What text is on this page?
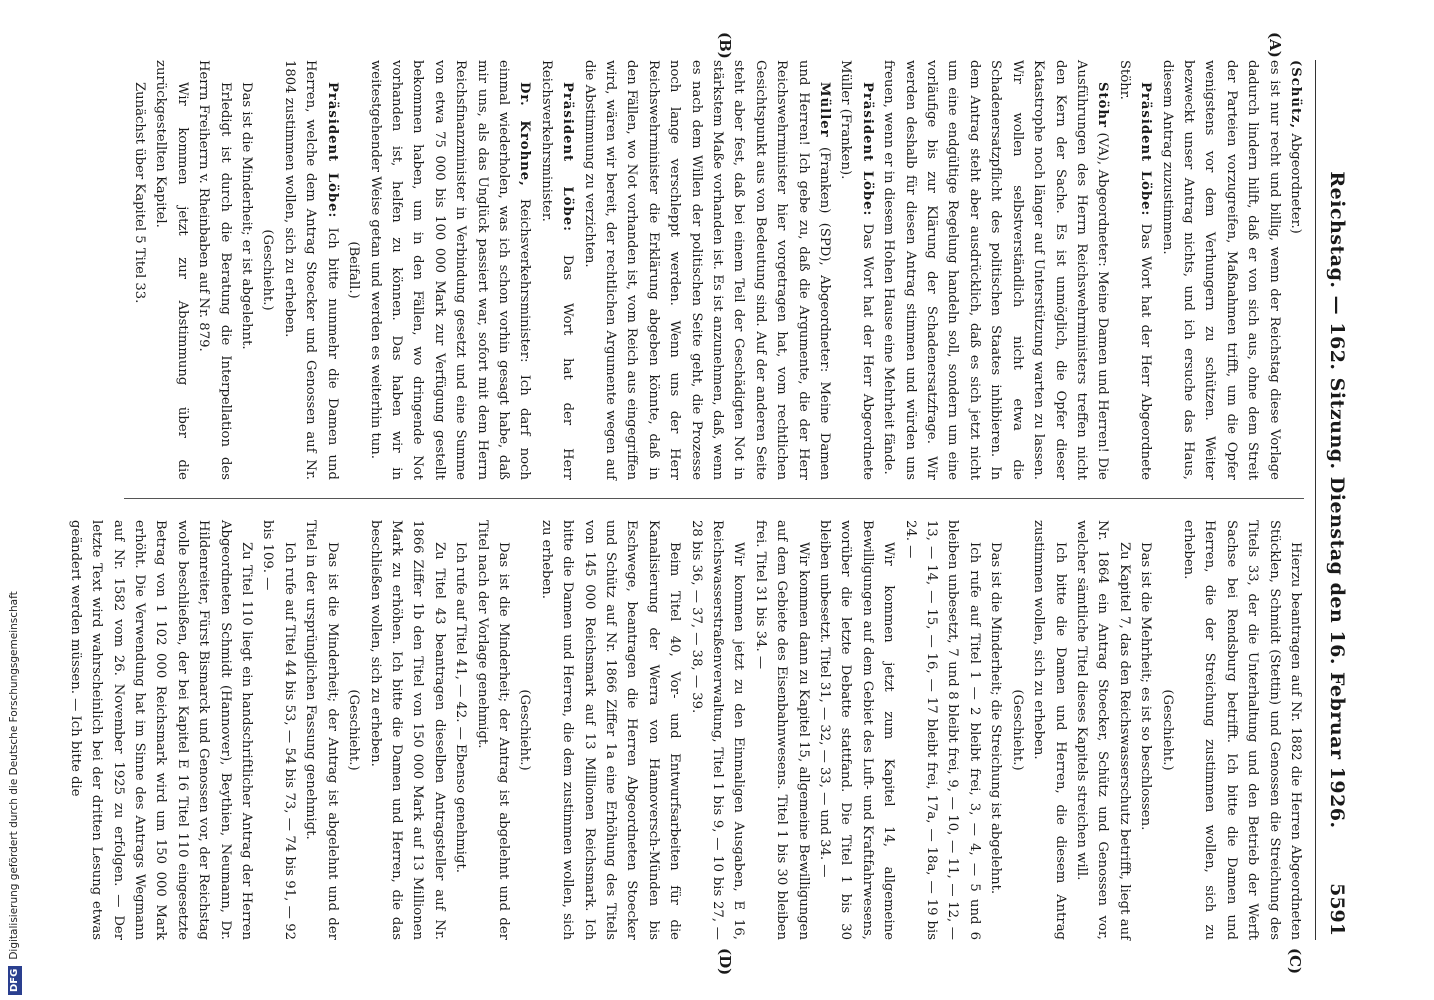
Reichstag. — 162. Sitzung. Dienstag den 16. Februar 1926.
5591
(A)
(B)
(C)
(D)

(Schütz, Abgeordneter.)

es ist nur recht und billig, wenn der Reichstag diese Vorlage dadurch lindern hilft, daß er von sich aus, ohne dem Streit der Parteien vorzugreifen, Maßnahmen trifft, um die Opfer wenigstens vor dem Verhungern zu schützen. Weiter bezweckt unser Antrag nichts, und ich ersuche das Haus, diesem Antrag zuzustimmen.

Präsident Löbe: Das Wort hat der Herr Abgeordnete Stöhr.

Stöhr (VA), Abgeordneter: Meine Damen und Herren! Die Ausführungen des Herrn Reichswehrministers treffen nicht den Kern der Sache. Es ist unmöglich, die Opfer dieser Katastrophe noch länger auf Unterstützung warten zu lassen. Wir wollen selbstverständlich nicht etwa die Schadenersatzpflicht des politischen Staates inhibieren. In dem Antrag steht aber ausdrücklich, daß es sich jetzt nicht um eine endgültige Regelung handeln soll, sondern um eine vorläufige bis zur Klärung der Schadenersatzfrage. Wir werden deshalb für diesen Antrag stimmen und würden uns freuen, wenn er in diesem Hohen Hause eine Mehrheit fände.

Präsident Löbe: Das Wort hat der Herr Abgeordnete Müller (Franken).

Müller (Franken) (SPD), Abgeordneter: Meine Damen und Herren! Ich gebe zu, daß die Argumente, die der Herr Reichswehrminister hier vorgetragen hat, vom rechtlichen Gesichtspunkt aus von Bedeutung sind. Auf der anderen Seite steht aber fest, daß bei einem Teil der Geschädigten Not in stärkstem Maße vorhanden ist. Es ist anzunehmen, daß, wenn es nach dem Willen der politischen Seite geht, die Prozesse noch lange verschleppt werden. Wenn uns der Herr Reichswehrminister die Erklärung abgeben könnte, daß in den Fällen, wo Not vorhanden ist, vom Reich aus eingegriffen wird, wären wir bereit, der rechtlichen Argumente wegen auf die Abstimmung zu verzichten.

Präsident Löbe: Das Wort hat der Herr Reichsverkehrsminister.

Dr. Krohne, Reichsverkehrsminister: Ich darf noch einmal wiederholen, was ich schon vorhin gesagt habe, daß mir uns, als das Unglück passiert war, sofort mit dem Herrn Reichsfinanzminister in Verbindung gesetzt und eine Summe von etwa 75 000 bis 100 000 Mark zur Verfügung gestellt bekommen haben, um in den Fällen, wo dringende Not vorhanden ist, helfen zu können. Das haben wir in weitestgehender Weise getan und werden es weiterhin tun.

(Beifall.)

Präsident Löbe: Ich bitte nunmehr die Damen und Herren, welche dem Antrag Stoecker und Genossen auf Nr. 1804 zustimmen wollen, sich zu erheben.

(Geschieht.)

Das ist die Minderheit; er ist abgelehnt.

Erledigt ist durch die Beratung die Interpellation des Herrn Freiherrn v. Rheinbaben auf Nr. 879.

Wir kommen jetzt zur Abstimmung über die zurückgestellten Kapitel.

Zunächst über Kapitel 5 Titel 33.

Hierzu beantragen auf Nr. 1882 die Herren Abgeordneten Stücklen, Schmidt (Stettin) und Genossen die Streichung des Titels 33, der die Unterhaltung und den Betrieb der Werft Sachse bei Rendsburg betrifft. Ich bitte die Damen und Herren, die der Streichung zustimmen wollen, sich zu erheben.

(Geschieht.)

Das ist die Mehrheit; es ist so beschlossen.

Zu Kapitel 7, das den Reichswasserschutz betrifft, liegt auf Nr. 1864 ein Antrag Stoecker, Schütz und Genossen vor, welcher sämtliche Titel dieses Kapitels streichen will.

Ich bitte die Damen und Herren, die diesem Antrag zustimmen wollen, sich zu erheben.

(Geschieht.)

Das ist die Minderheit; die Streichung ist abgelehnt.

Ich rufe auf Titel 1 — 2 bleibt frei, 3, — 4, — 5 und 6 bleiben unbesetzt, 7 und 8 bleibt frei, 9, — 10, — 11, — 12, — 13, — 14, — 15, — 16, — 17 bleibt frei, 17a, — 18a, — 19 bis 24. —

Wir kommen jetzt zum Kapitel 14, allgemeine Bewilligungen auf dem Gebiet des Luft- und Kraftfahrwesens, worüber die letzte Debatte stattfand. Die Titel 1 bis 30 bleiben unbesetzt. Titel 31, — 32, — 33, — und 34. —

Wir kommen dann zu Kapitel 15, allgemeine Bewilligungen auf dem Gebiete des Eisenbahnwesens. Titel 1 bis 30 bleiben frei. Titel 31 bis 34. —

Wir kommen jetzt zu den Einmaligen Ausgaben, E 16, Reichswasserstraßenverwaltung, Titel 1 bis 9, — 10 bis 27, — 28 bis 36, — 37, — 38, — 39.

Beim Titel 40, Vor- und Entwurfsarbeiten für die Kanalisierung der Werra von Hannoversch-Münden bis Eschwege, beantragen die Herren Abgeordneten Stoecker und Schütz auf Nr. 1866 Ziffer 1a eine Erhöhung des Titels von 145 000 Reichsmark auf 13 Millionen Reichsmark. Ich bitte die Damen und Herren, die dem zustimmen wollen, sich zu erheben.

(Geschieht.)

Das ist die Minderheit; der Antrag ist abgelehnt und der Titel nach der Vorlage genehmigt.

Ich rufe auf Titel 41, — 42. — Ebenso genehmigt.

Zu Titel 43 beantragen dieselben Antragsteller auf Nr. 1866 Ziffer 1b den Titel von 150 000 Mark auf 13 Millionen Mark zu erhöhen. Ich bitte die Damen und Herren, die das beschließen wollen, sich zu erheben.

(Geschieht.)

Das ist die Minderheit; der Antrag ist abgelehnt und der Titel in der ursprünglichen Fassung genehmigt.

Ich rufe auf Titel 44 bis 53, — 54 bis 73, — 74 bis 91, — 92 bis 109. —

Zu Titel 110 liegt ein handschriftlicher Antrag der Herren Abgeordneten Schmidt (Hannover), Beythien, Neumann, Dr. Hildenreiter, Fürst Bismarck und Genossen vor, der Reichstag wolle beschließen, der bei Kapitel E 16 Titel 110 eingesetzte Betrag von 1 102 000 Reichsmark wird um 150 000 Mark erhöht. Die Verwendung hat im Sinne des Antrags Wegmann auf Nr. 1582 vom 26. November 1925 zu erfolgen. — Der letzte Text wird wahrscheinlich bei der dritten Lesung etwas geändert werden müssen. — Ich bitte die

DFGDigitalisierung gefördert durch die Deutsche Forschungsgemeinschaft
